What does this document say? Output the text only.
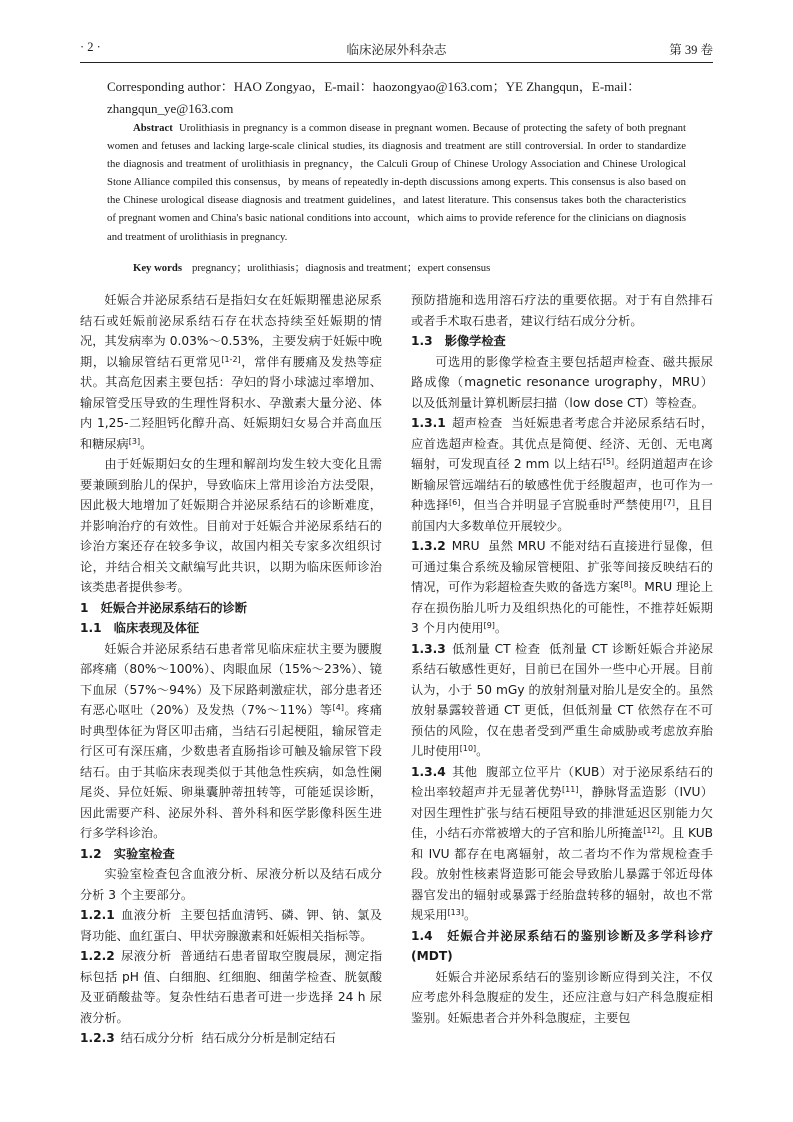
· 2 ·	临床泌尿外科杂志	第 39 卷
Corresponding author：HAO Zongyao，E-mail：haozongyao@163.com；YE Zhangqun，E-mail：zhangqun_ye@163.com
Abstract Urolithiasis in pregnancy is a common disease in pregnant women. Because of protecting the safety of both pregnant women and fetuses and lacking large-scale clinical studies, its diagnosis and treatment are still controversial. In order to standardize the diagnosis and treatment of urolithiasis in pregnancy，the Calculi Group of Chinese Urology Association and Chinese Urological Stone Alliance compiled this consensus，by means of repeatedly in-depth discussions among experts. This consensus is also based on the Chinese urological disease diagnosis and treatment guidelines，and latest literature. This consensus takes both the characteristics of pregnant women and China's basic national conditions into account，which aims to provide reference for the clinicians on diagnosis and treatment of urolithiasis in pregnancy.
Key words pregnancy；urolithiasis；diagnosis and treatment；expert consensus

妊娠合并泌尿系结石是指妇女在妊娠期罹患泌尿系结石或妊娠前泌尿系结石存在状态持续至妊娠期的情况，其发病率为 0.03%～0.53%，主要发病于妊娠中晚期，以输尿管结石更常见[1-2]，常伴有腰痛及发热等症状。其高危因素主要包括：孕妇的肾小球滤过率增加、输尿管受压导致的生理性肾积水、孕激素大量分泌、体内 1,25-二羟胆钙化醇升高、妊娠期妇女易合并高血压和糖尿病[3]。

由于妊娠期妇女的生理和解剖均发生较大变化且需要兼顾到胎儿的保护，导致临床上常用诊治方法受限，因此极大地增加了妊娠期合并泌尿系结石的诊断难度，并影响治疗的有效性。目前对于妊娠合并泌尿系结石的诊治方案还存在较多争议，故国内相关专家多次组织讨论，并结合相关文献编写此共识，以期为临床医师诊治该类患者提供参考。

1　妊娠合并泌尿系结石的诊断

1.1　临床表现及体征

妊娠合并泌尿系结石患者常见临床症状主要为腰腹部疼痛（80%～100%）、肉眼血尿（15%～23%）、镜下血尿（57%～94%）及下尿路刺激症状，部分患者还有恶心呕吐（20%）及发热（7%～11%）等[4]。疼痛时典型体征为肾区叩击痛，当结石引起梗阻，输尿管走行区可有深压痛，少数患者直肠指诊可触及输尿管下段结石。由于其临床表现类似于其他急性疾病，如急性阑尾炎、异位妊娠、卵巢囊肿蒂扭转等，可能延误诊断，因此需要产科、泌尿外科、普外科和医学影像科医生进行多学科诊治。

1.2　实验室检查

实验室检查包含血液分析、尿液分析以及结石成分分析 3 个主要部分。

1.2.1 血液分析 主要包括血清钙、磷、钾、钠、氯及肾功能、血红蛋白、甲状旁腺激素和妊娠相关指标等。

1.2.2 尿液分析 普通结石患者留取空腹晨尿，测定指标包括 pH 值、白细胞、红细胞、细菌学检查、胱氨酸及亚硝酸盐等。复杂性结石患者可进一步选择 24 h 尿液分析。

1.2.3 结石成分分析 结石成分分析是制定结石

预防措施和选用溶石疗法的重要依据。对于有自然排石或者手术取石患者，建议行结石成分分析。

1.3　影像学检查

可选用的影像学检查主要包括超声检查、磁共振尿路成像（magnetic resonance urography，MRU）以及低剂量计算机断层扫描（low dose CT）等检查。

1.3.1 超声检查 当妊娠患者考虑合并泌尿系结石时，应首选超声检查。其优点是简便、经济、无创、无电离辐射，可发现直径 2 mm 以上结石[5]。经阴道超声在诊断输尿管远端结石的敏感性优于经腹超声，也可作为一种选择[6]，但当合并明显子宫脱垂时严禁使用[7]，且目前国内大多数单位开展较少。

1.3.2 MRU 虽然 MRU 不能对结石直接进行显像，但可通过集合系统及输尿管梗阻、扩张等间接反映结石的情况，可作为彩超检查失败的备选方案[8]。MRU 理论上存在损伤胎儿听力及组织热化的可能性，不推荐妊娠期 3 个月内使用[9]。

1.3.3 低剂量 CT 检查 低剂量 CT 诊断妊娠合并泌尿系结石敏感性更好，目前已在国外一些中心开展。目前认为，小于 50 mGy 的放射剂量对胎儿是安全的。虽然放射暴露较普通 CT 更低，但低剂量 CT 依然存在不可预估的风险，仅在患者受到严重生命威胁或考虑放弃胎儿时使用[10]。

1.3.4 其他 腹部立位平片（KUB）对于泌尿系结石的检出率较超声并无显著优势[11]，静脉肾盂造影（IVU）对因生理性扩张与结石梗阻导致的排泄延迟区别能力欠佳，小结石亦常被增大的子宫和胎儿所掩盖[12]。且 KUB 和 IVU 都存在电离辐射，故二者均不作为常规检查手段。放射性核素肾造影可能会导致胎儿暴露于邻近母体器官发出的辐射或暴露于经胎盘转移的辐射，故也不常规采用[13]。

1.4　妊娠合并泌尿系结石的鉴别诊断及多学科诊疗(MDT)

妊娠合并泌尿系结石的鉴别诊断应得到关注，不仅应考虑外科急腹症的发生，还应注意与妇产科急腹症相鉴别。妊娠患者合并外科急腹症，主要包
